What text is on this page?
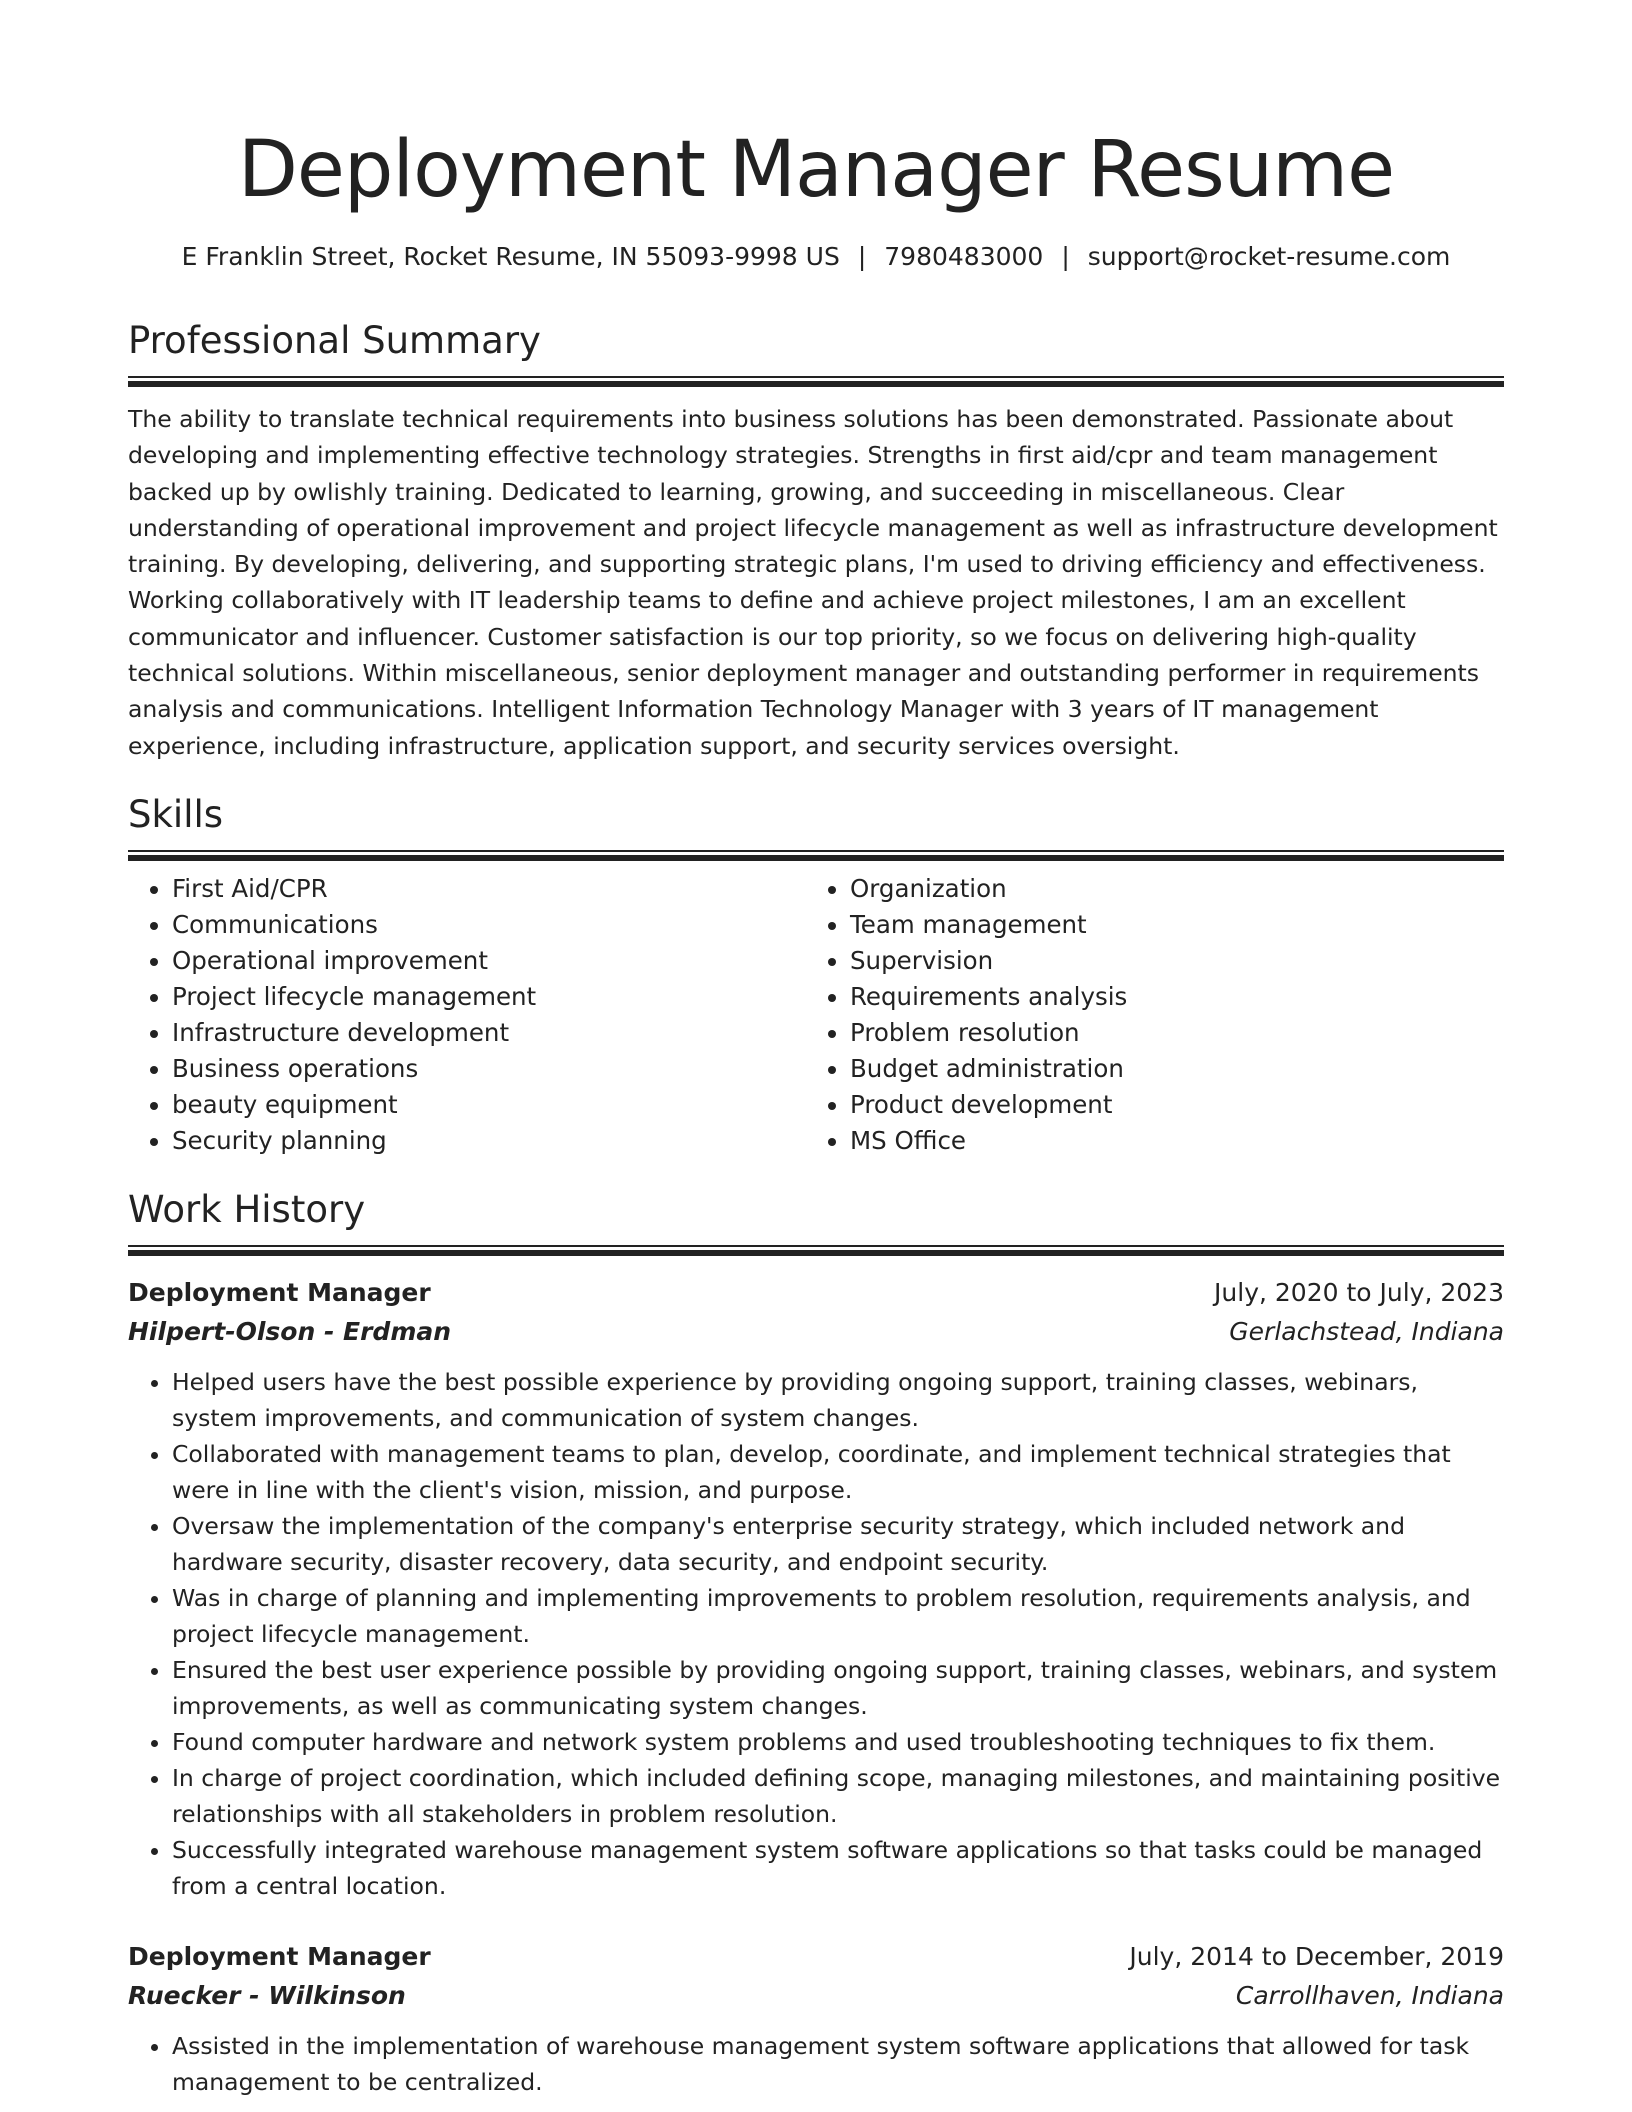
Deployment Manager Resume
E Franklin Street, Rocket Resume, IN 55093-9998 US | 7980483000 | support@rocket-resume.com
Professional Summary

The ability to translate technical requirements into business solutions has been demonstrated. Passionate about developing and implementing effective technology strategies. Strengths in first aid/cpr and team management backed up by owlishly training. Dedicated to learning, growing, and succeeding in miscellaneous. Clear understanding of operational improvement and project lifecycle management as well as infrastructure development training. By developing, delivering, and supporting strategic plans, I'm used to driving efficiency and effectiveness. Working collaboratively with IT leadership teams to define and achieve project milestones, I am an excellent communicator and influencer. Customer satisfaction is our top priority, so we focus on delivering high-quality technical solutions. Within miscellaneous, senior deployment manager and outstanding performer in requirements analysis and communications. Intelligent Information Technology Manager with 3 years of IT management experience, including infrastructure, application support, and security services oversight.

Skills
• First Aid/CPR
• Communications
• Operational improvement
• Project lifecycle management
• Infrastructure development
• Business operations
• beauty equipment
• Security planning
• Organization
• Team management
• Supervision
• Requirements analysis
• Problem resolution
• Budget administration
• Product development
• MS Office
Work History
Deployment Manager	July, 2020 to July, 2023
Hilpert-Olson - Erdman	Gerlachstead, Indiana
• Helped users have the best possible experience by providing ongoing support, training classes, webinars, system improvements, and communication of system changes.
• Collaborated with management teams to plan, develop, coordinate, and implement technical strategies that were in line with the client's vision, mission, and purpose.
• Oversaw the implementation of the company's enterprise security strategy, which included network and hardware security, disaster recovery, data security, and endpoint security.
• Was in charge of planning and implementing improvements to problem resolution, requirements analysis, and project lifecycle management.
• Ensured the best user experience possible by providing ongoing support, training classes, webinars, and system improvements, as well as communicating system changes.
• Found computer hardware and network system problems and used troubleshooting techniques to fix them.
• In charge of project coordination, which included defining scope, managing milestones, and maintaining positive relationships with all stakeholders in problem resolution.
• Successfully integrated warehouse management system software applications so that tasks could be managed from a central location.
Deployment Manager	July, 2014 to December, 2019
Ruecker - Wilkinson	Carrollhaven, Indiana
• Assisted in the implementation of warehouse management system software applications that allowed for task management to be centralized.
